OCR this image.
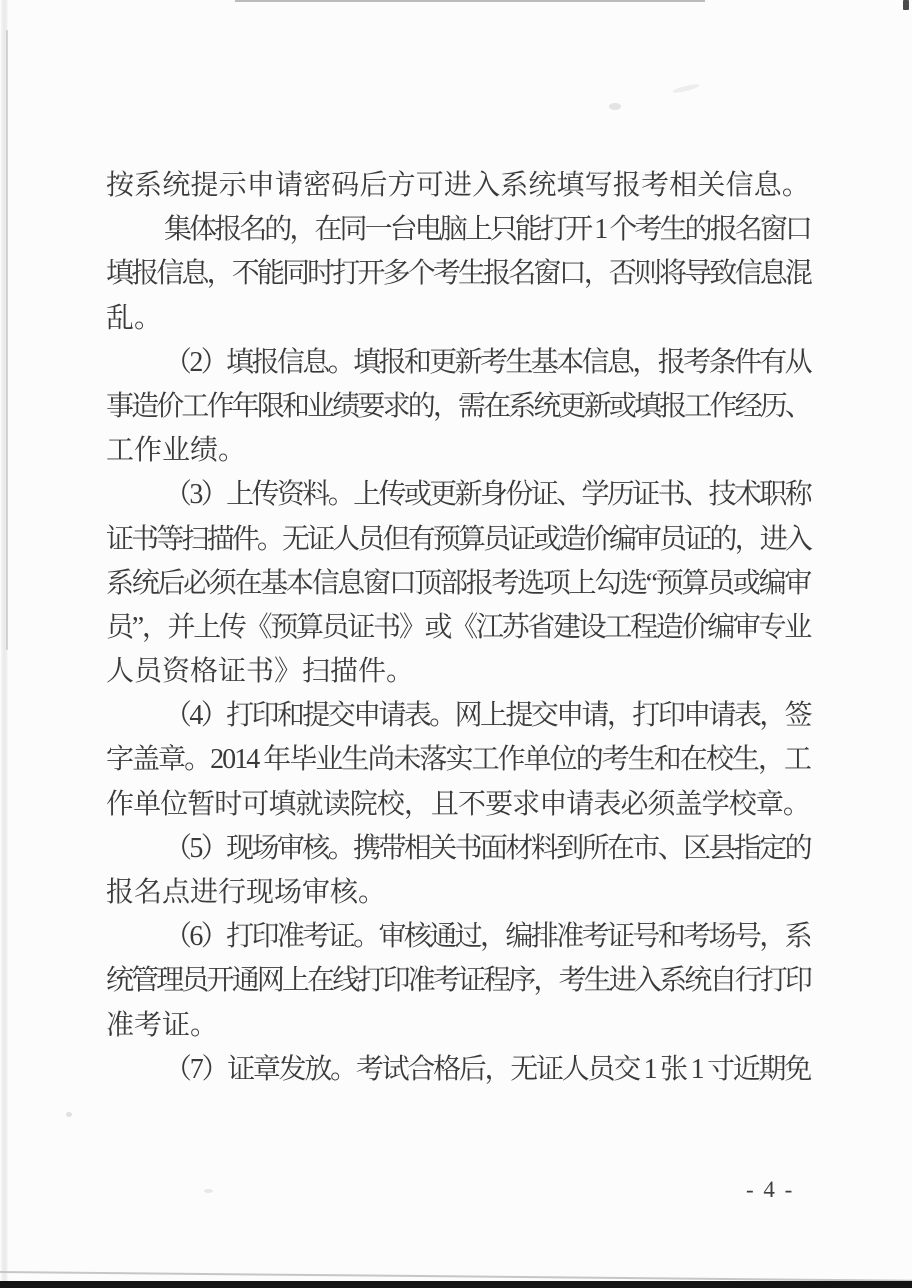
按系统提示申请密码后方可进入系统填写报考相关信息。
集体报名的，在同一台电脑上只能打开 1 个考生的报名窗口
填报信息，不能同时打开多个考生报名窗口，否则将导致信息混
乱。
（2）填报信息。填报和更新考生基本信息，报考条件有从
事造价工作年限和业绩要求的，需在系统更新或填报工作经历、
工作业绩。
（3）上传资料。上传或更新身份证、学历证书、技术职称
证书等扫描件。无证人员但有预算员证或造价编审员证的，进入
系统后必须在基本信息窗口顶部报考选项上勾选“预算员或编审
员”，并上传《预算员证书》或《江苏省建设工程造价编审专业
人员资格证书》扫描件。
（4）打印和提交申请表。网上提交申请，打印申请表，签
字盖章。2014 年毕业生尚未落实工作单位的考生和在校生，工
作单位暂时可填就读院校，且不要求申请表必须盖学校章。
（5）现场审核。携带相关书面材料到所在市、区县指定的
报名点进行现场审核。
（6）打印准考证。审核通过，编排准考证号和考场号，系
统管理员开通网上在线打印准考证程序，考生进入系统自行打印
准考证。
（7）证章发放。考试合格后，无证人员交 1 张 1 寸近期免
- 4 -
